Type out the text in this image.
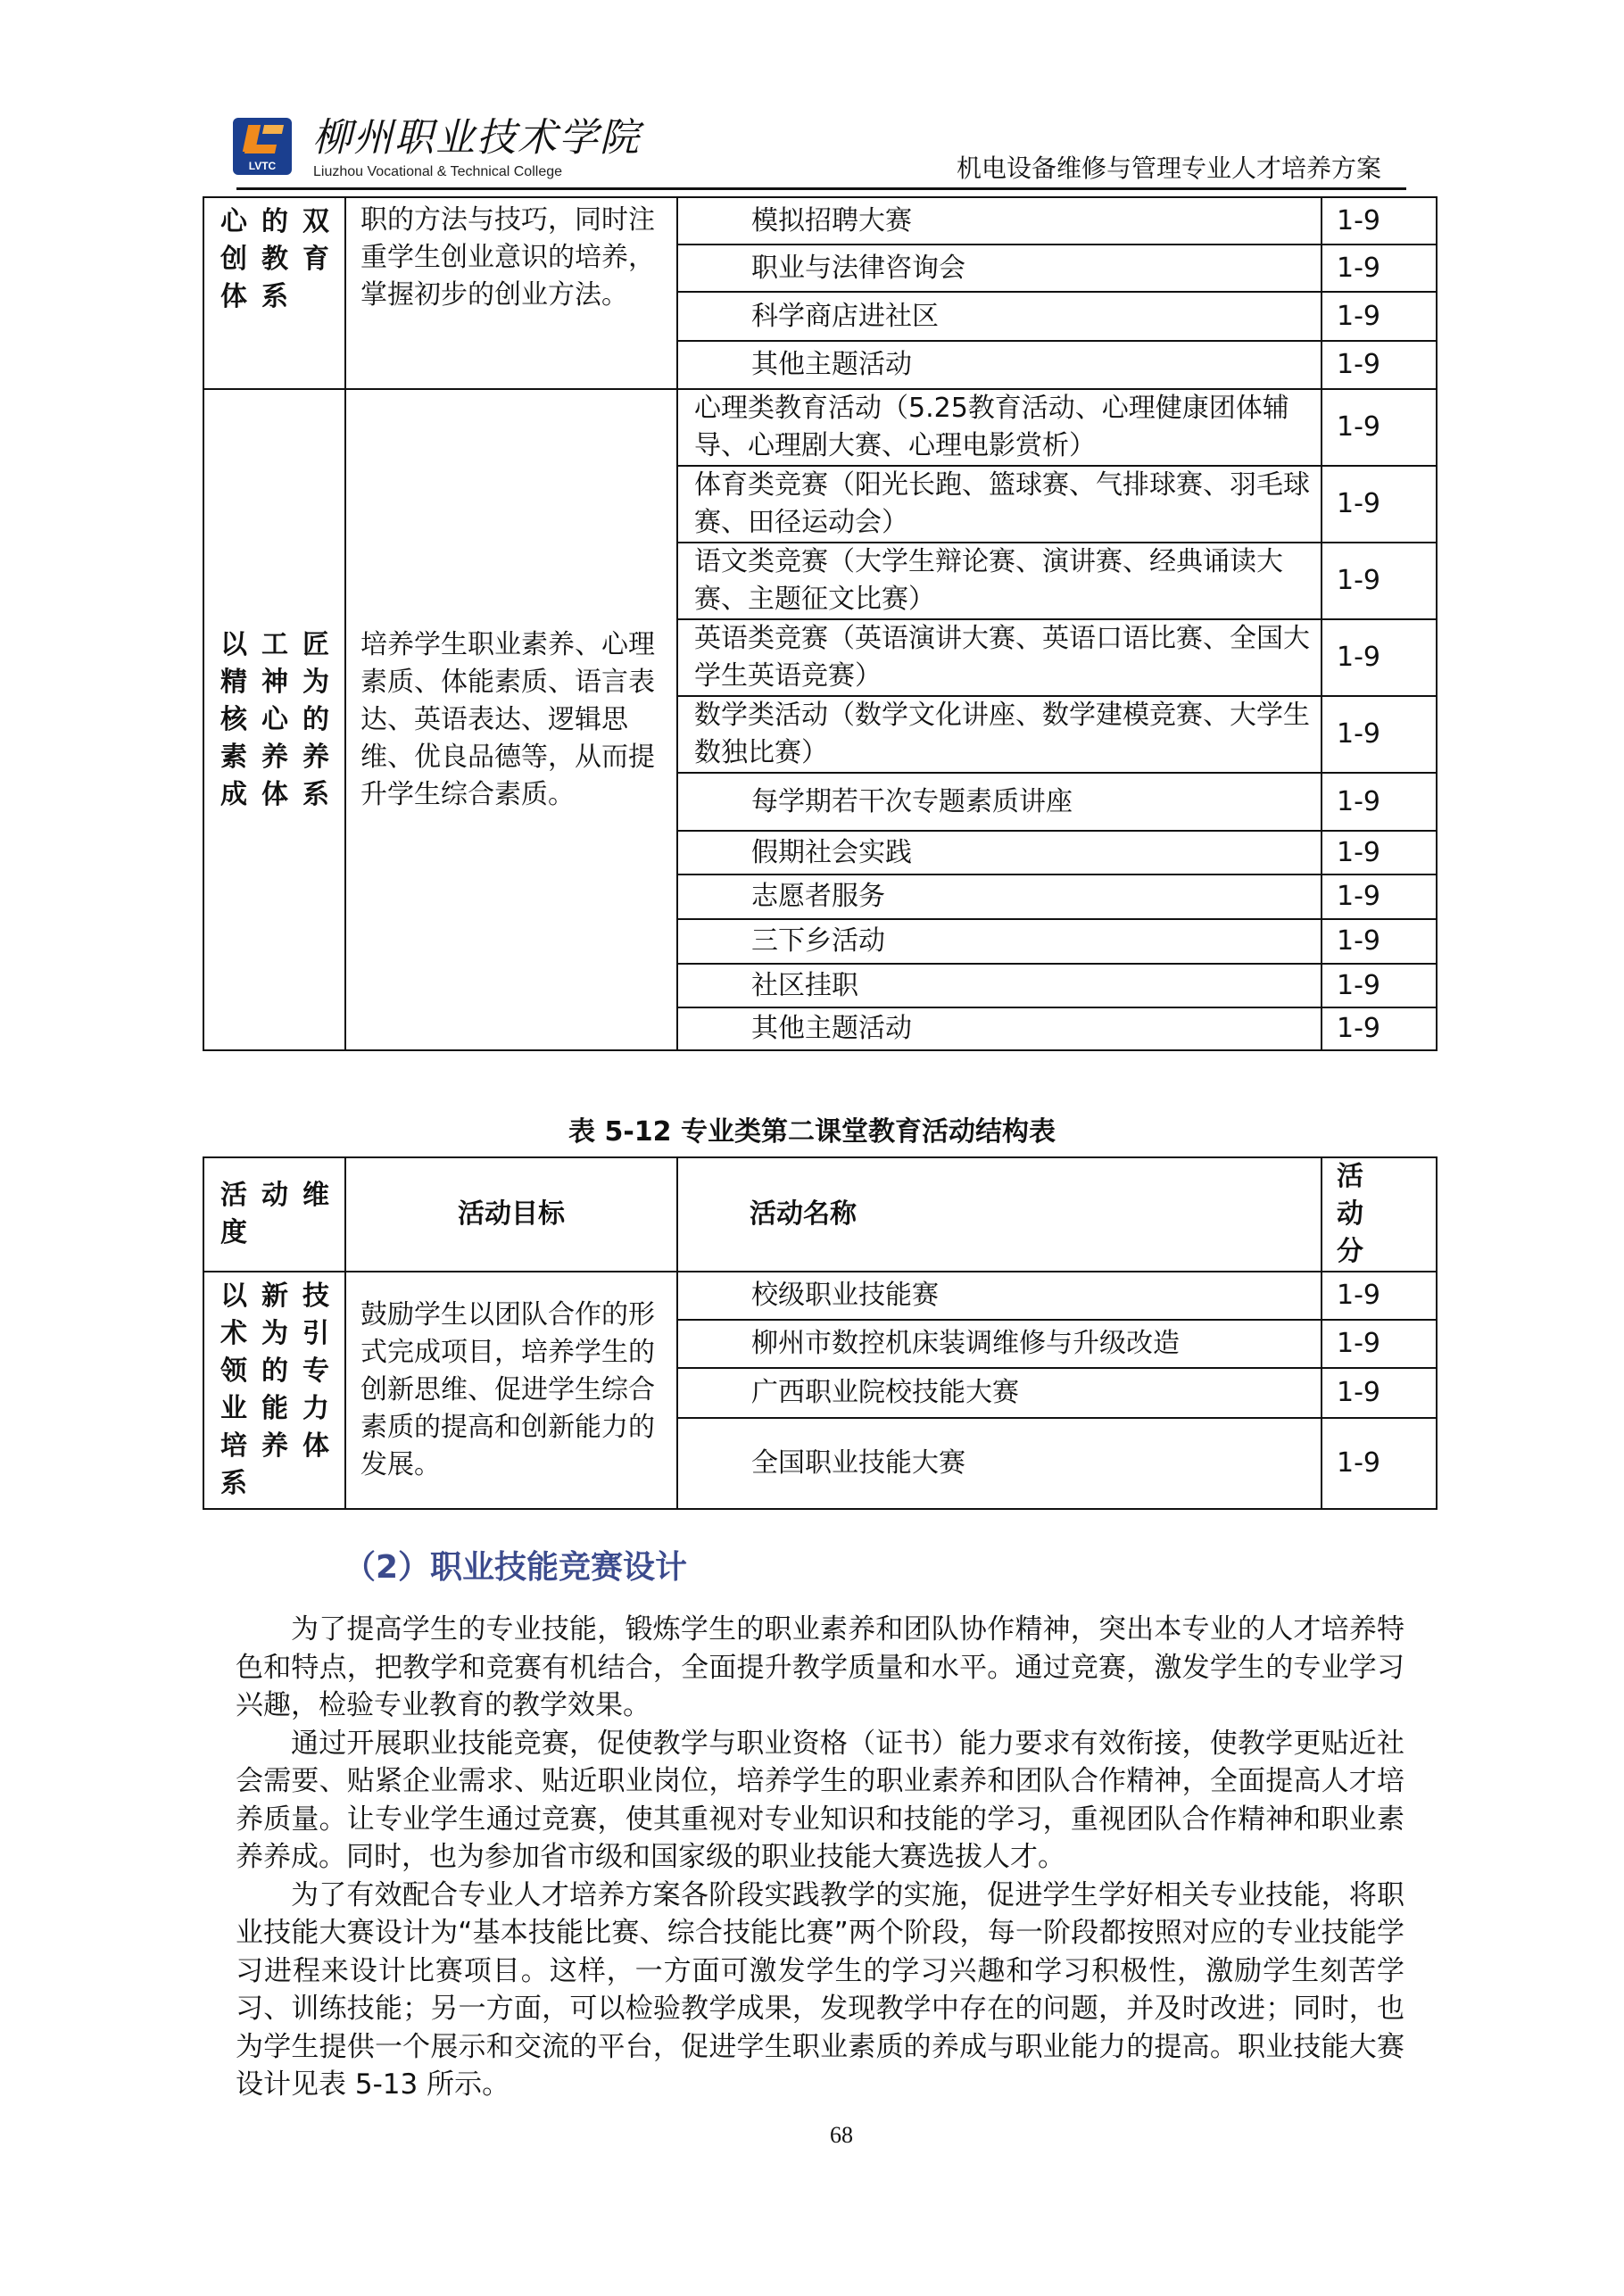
LVTC
柳州职业技术学院
Liuzhou Vocational & Technical College	机电设备维修与管理专业人才培养方案
心的双创教育体系	职的方法与技巧，同时注重学生创业意识的培养，掌握初步的创业方法。	模拟招聘大赛	1-9
		职业与法律咨询会	1-9
		科学商店进社区	1-9
		其他主题活动	1-9
以工匠精神为核心的素养养成体系	培养学生职业素养、心理素质、体能素质、语言表达、英语表达、逻辑思维、优良品德等，从而提升学生综合素质。	心理类教育活动（5.25教育活动、心理健康团体辅导、心理剧大赛、心理电影赏析）	1-9
		体育类竞赛（阳光长跑、篮球赛、气排球赛、羽毛球赛、田径运动会）	1-9
		语文类竞赛（大学生辩论赛、演讲赛、经典诵读大赛、主题征文比赛）	1-9
		英语类竞赛（英语演讲大赛、英语口语比赛、全国大学生英语竞赛）	1-9
		数学类活动（数学文化讲座、数学建模竞赛、大学生数独比赛）	1-9
		每学期若干次专题素质讲座	1-9
		假期社会实践	1-9
		志愿者服务	1-9
		三下乡活动	1-9
		社区挂职	1-9
		其他主题活动	1-9
表 5-12 专业类第二课堂教育活动结构表
活动维度	活动目标	活动名称	活动分
以新技术为引领的专业能力培养体系	鼓励学生以团队合作的形式完成项目，培养学生的创新思维、促进学生综合素质的提高和创新能力的发展。	校级职业技能赛	1-9
		柳州市数控机床装调维修与升级改造	1-9
		广西职业院校技能大赛	1-9
		全国职业技能大赛	1-9
（2）职业技能竞赛设计

为了提高学生的专业技能，锻炼学生的职业素养和团队协作精神，突出本专业的人才培养特色和特点，把教学和竞赛有机结合，全面提升教学质量和水平。通过竞赛，激发学生的专业学习兴趣，检验专业教育的教学效果。

通过开展职业技能竞赛，促使教学与职业资格（证书）能力要求有效衔接，使教学更贴近社会需要、贴紧企业需求、贴近职业岗位，培养学生的职业素养和团队合作精神，全面提高人才培养质量。让专业学生通过竞赛，使其重视对专业知识和技能的学习，重视团队合作精神和职业素养养成。同时，也为参加省市级和国家级的职业技能大赛选拔人才。

为了有效配合专业人才培养方案各阶段实践教学的实施，促进学生学好相关专业技能，将职业技能大赛设计为“基本技能比赛、综合技能比赛”两个阶段，每一阶段都按照对应的专业技能学习进程来设计比赛项目。这样，一方面可激发学生的学习兴趣和学习积极性，激励学生刻苦学习、训练技能；另一方面，可以检验教学成果，发现教学中存在的问题，并及时改进；同时，也为学生提供一个展示和交流的平台，促进学生职业素质的养成与职业能力的提高。职业技能大赛设计见表 5-13 所示。

68
